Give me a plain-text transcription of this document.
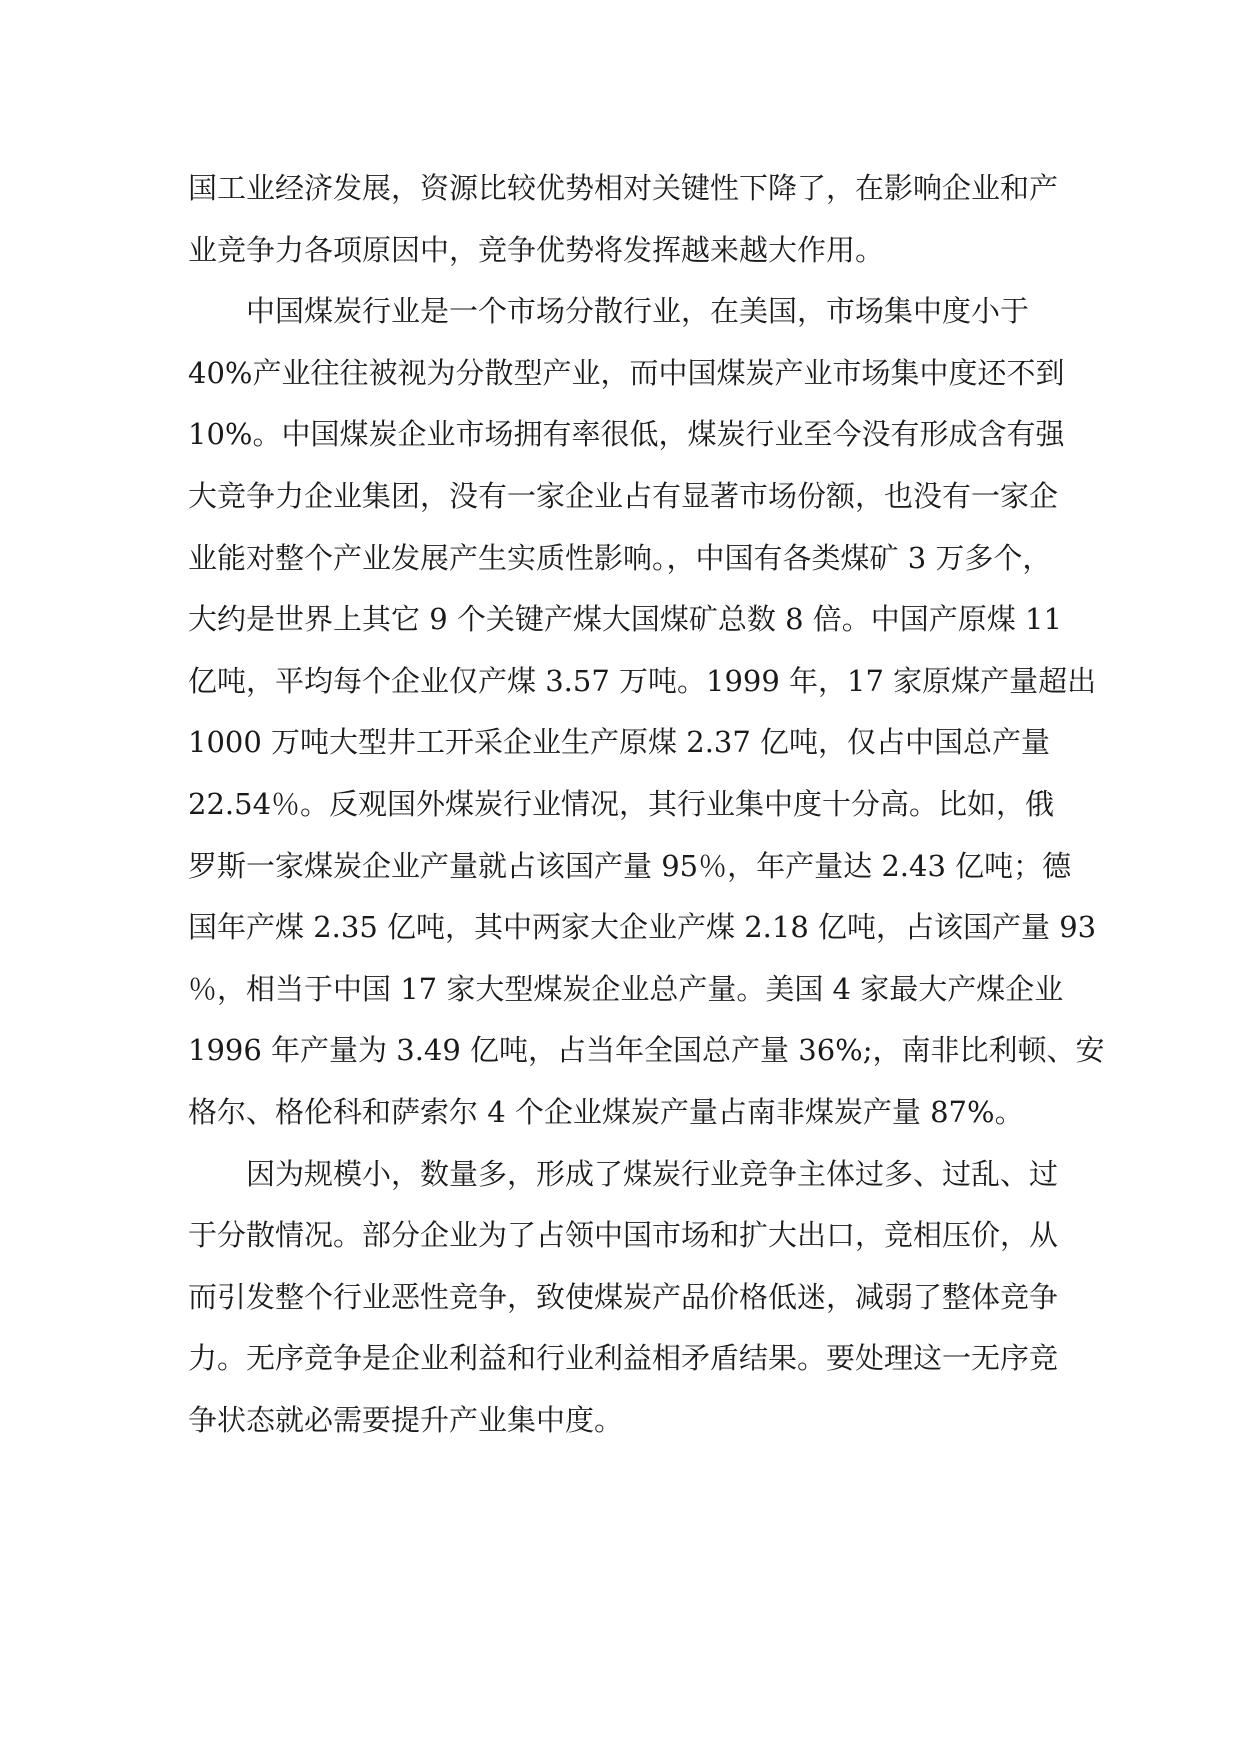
国工业经济发展，资源比较优势相对关键性下降了，在影响企业和产
业竞争力各项原因中，竞争优势将发挥越来越大作用。
中国煤炭行业是一个市场分散行业，在美国，市场集中度小于
40%产业往往被视为分散型产业，而中国煤炭产业市场集中度还不到
10%。中国煤炭企业市场拥有率很低，煤炭行业至今没有形成含有强
大竞争力企业集团，没有一家企业占有显著市场份额，也没有一家企
业能对整个产业发展产生实质性影响。，中国有各类煤矿 3 万多个，
大约是世界上其它 9 个关键产煤大国煤矿总数 8 倍。中国产原煤 11
亿吨，平均每个企业仅产煤 3.57 万吨。1999 年，17 家原煤产量超出
1000 万吨大型井工开采企业生产原煤 2.37 亿吨，仅占中国总产量
22.54％。反观国外煤炭行业情况，其行业集中度十分高。比如，俄
罗斯一家煤炭企业产量就占该国产量 95％，年产量达 2.43 亿吨；德
国年产煤 2.35 亿吨，其中两家大企业产煤 2.18 亿吨，占该国产量 93
％，相当于中国 17 家大型煤炭企业总产量。美国 4 家最大产煤企业
1996 年产量为 3.49 亿吨，占当年全国总产量 36%;，南非比利顿、安
格尔、格伦科和萨索尔 4 个企业煤炭产量占南非煤炭产量 87%。
因为规模小，数量多，形成了煤炭行业竞争主体过多、过乱、过
于分散情况。部分企业为了占领中国市场和扩大出口，竞相压价，从
而引发整个行业恶性竞争，致使煤炭产品价格低迷，减弱了整体竞争
力。无序竞争是企业利益和行业利益相矛盾结果。要处理这一无序竞
争状态就必需要提升产业集中度。
